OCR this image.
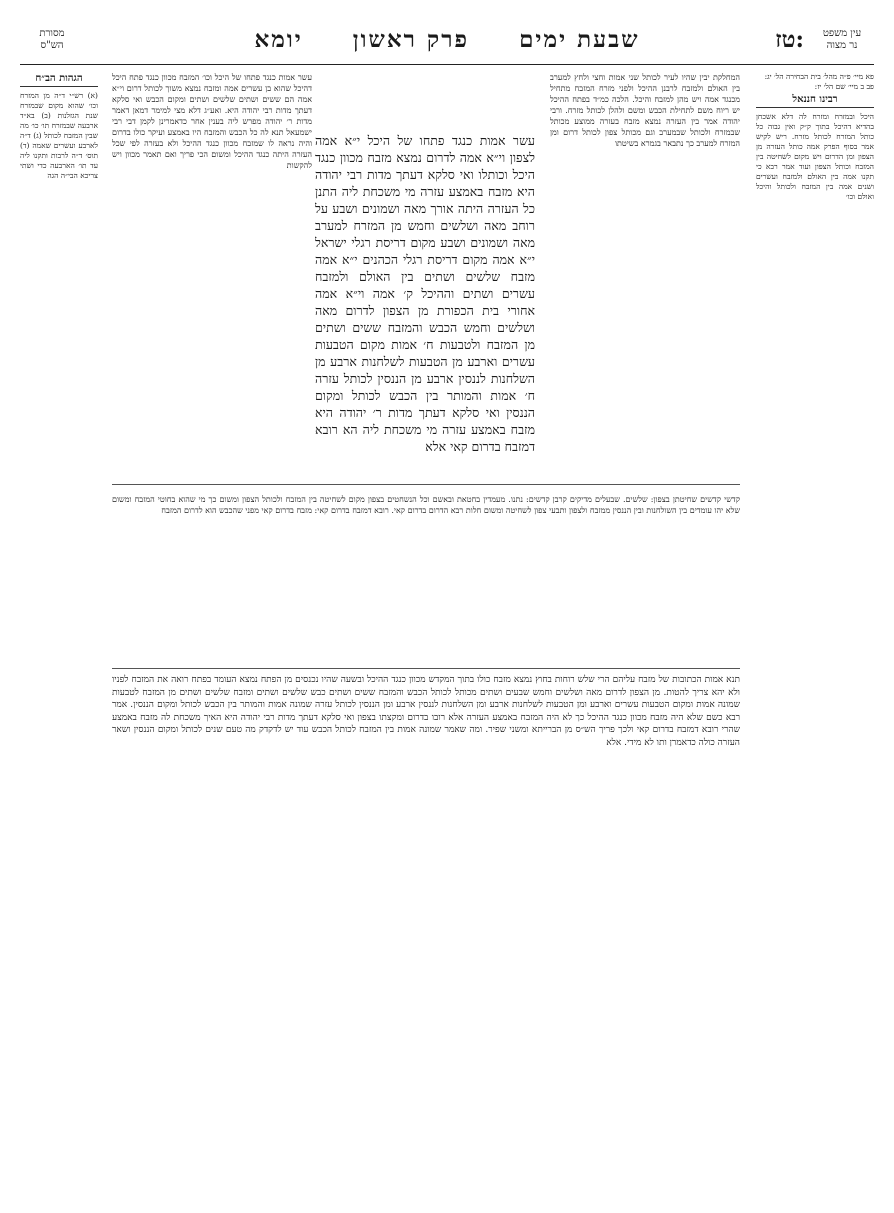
מסורת
הש"ס	שבעת ימים     פרק ראשון     יומא	טז:	עין משפט
נר מצוה

פא מיי׳ פ״ה מהל׳ בית הבחירה הל׳ יג:
פב ב מיי׳ שם הל׳ יז:

רבינו חננאל

היכל ובמזרח ומזרח לה דלא אשכחן בהדיא דהיכל בתוך ק״ק ואין גבוה כל כותל המזרח לכותל מזרח. ריש לקיש אמר בסוף הפרק אמה כותל העזרה מן הצפון ומן הדרום ויש מקום לשחיטה בין המזבח וכותל הצפון ועוד אמר רבא כי תקנו אמה בין האולם ולמזבח ועשרים ושנים אמה בין המזבח ולכותל והיכל ואולם וכו׳

הגהות הב״ח

(א) רש״י ד״ה מן המזרח וכו׳ שהוא מקום שבמזרח שנת הגזלנות (ב) בא״ד ארבעה שבמזרח תו׳ כו׳ מה שבין המזבח לכותל (ג) ד״ה לארבע ועשרים שאמה (ד) תוס׳ ד״ה לרבות ותקנו ליה עד תו׳ הארבעה כדי ושתי צריכא הבי״ה הגה

המחלקת יבין שהיו לעיר לכותל שני אמות וחצי ולחץ למערב בין האולם ולמזבח לרבנן ההיכל ולפני מזרח המזבח מתחיל מכנגד אמה ויש מהן למזבח והיכל. הלכה כמ״ד בפתח ההיכל יש ריוח משם לתחילת הכבש ומשם ולהלן לכותל מזרח. ורבי יהודה אמר בין העזרה נמצא מזבח בעזרה ממוצע מכותל שבמזרח ולכותל שבמערב וגם מכותל צפון לכותל דרום ומן המזרח למערב כך נתבאר בגמרא בשיטתו
עשר אמות כנגד פתחו של היכל י״א אמה לצפון וי״א אמה לדרום נמצא מזבח מכוון כנגד היכל וכותלו ואי סלקא דעתך מדות רבי יהודה היא מזבח באמצע עזרה מי משכחת ליה התנן כל העזרה היתה אורך מאה ושמונים ושבע על רוחב מאה ושלשים וחמש מן המזרח למערב מאה ושמונים ושבע מקום דריסת רגלי ישראל י״א אמה מקום דריסת רגלי הכהנים י״א אמה מזבח שלשים ושתים בין האולם ולמזבח עשרים ושתים וההיכל ק׳ אמה וי״א אמה אחורי בית הכפורת מן הצפון לדרום מאה ושלשים וחמש הכבש והמזבח ששים ושתים מן המזבח ולטבעות ח׳ אמות מקום הטבעות עשרים וארבע מן הטבעות לשלחנות ארבע מן השלחנות לננסין ארבע מן הננסין לכותל עזרה ח׳ אמות והמותר בין הכבש לכותל ומקום הננסין ואי סלקא דעתך מדות ר׳ יהודה היא מזבח באמצע עזרה מי משכחת ליה הא רובא דמזבח בדרום קאי אלא
עשר אמות כנגד פתחו של היכל וכו׳ המזבח מכוון כנגד פתח היכל דהיכל שהוא בן עשרים אמה ומזבח נמצא משוך לכותל דרום וי״א אמה הם ששים ושתים שלשים ושתים ומקום הכבש ואי סלקא דעתך מדות רבי יהודה היא. ואע״ג דלא מצי למימר דמאן דאמר מדות ר׳ יהודה מפרש ליה בענין אחר כדאמרינן לקמן דבי רבי ישמעאל תנא לה כל הכבש והמזבח היו באמצע ועיקר כולו בדרום והיה נראה לו שמזבח מכוון כנגד ההיכל ולא בעזרה לפי שכל העזרה היתה כנגד ההיכל ומשום הכי פריך ואם תאמר מכוון ויש להקשות
קדשי קדשים שחיטתן בצפון: שלשים. שבעלים מדיקים קרבן קדשים: נתנו. מעמדין בחטאת ובאשם וכל הנשחטים בצפון מקום לשחיטה בין המזבח ולכותל הצפון ומשום כך מי שהוא בחוטי המזבח ומשום שלא יהו עומדים בין השולחנות ובין הננסין ממזבח ולצפון ותבעי צפון לשחיטה ומשום חלות רבא הדרום בדרום קאי. רובא דמזבח בדרום קאי: מזבח בדרום קאי מפני שהכבש הוא לדרום המזבח
תנא אמות הכתובות של מזבח עליהם הרי שלש רוחות בחוץ נמצא מזבח כולו בתוך המקדש מכוון כנגד ההיכל ובשעה שהיו נכנסים מן הפתח נמצא העומד בפתח רואה את המזבח לפניו ולא יהא צריך להטות. מן הצפון לדרום מאה ושלשים וחמש שבעים ושתים מכותל לכותל הכבש והמזבח ששים ושתים כבש שלשים ושתים ומזבח שלשים ושתים מן המזבח לטבעות שמונה אמות ומקום הטבעות עשרים וארבע ומן הטבעות לשלחנות ארבע ומן השלחנות לננסין ארבע ומן הננסין לכותל עזרה שמונה אמות והמותר בין הכבש לכותל ומקום הננסין. אמר רבא כשם שלא היה מזבח מכוון כנגד ההיכל כך לא היה המזבח באמצע העזרה אלא רובו בדרום ומקצתו בצפון ואי סלקא דעתך מדות רבי יהודה היא האיך משכחת לה מזבח באמצע שהרי רובא דמזבח בדרום קאי ולכך פריך הש״ס מן הברייתא ומשני שפיר. ומה שאמר שמונה אמות בין המזבח לכותל הכבש עוד יש לדקדק מה טעם שנים לכותל ומקום הננסין ושאר העזרה כולה כדאמרן ותו לא מידי. אלא
